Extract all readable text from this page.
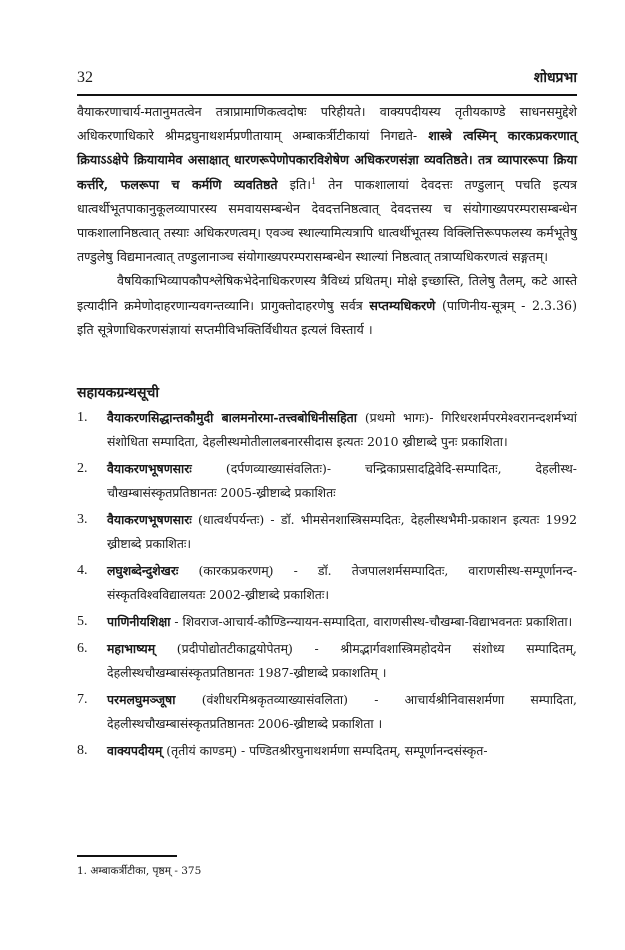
32	शोधप्रभा

वैयाकरणाचार्य-मतानुमतत्वेन तत्राप्रामाणिकत्वदोषः परिहीयते। वाक्यपदीयस्य तृतीयकाण्डे साधनसमुद्देशे अधिकरणाधिकारे श्रीमद्रघुनाथशर्मप्रणीतायाम् अम्बाकर्त्रीटीकायां निगद्यते- शास्त्रे त्वस्मिन् कारकप्रकरणात् क्रियाऽऽक्षेपे क्रियायामेव असाक्षात् धारणरूपेणोपकारविशेषेण अधिकरणसंज्ञा व्यवतिष्ठते। तत्र व्यापाररूपा क्रिया कर्त्तरि, फलरूपा च कर्मणि व्यवतिष्ठते इति।$^1$ तेन पाकशालायां देवदत्तः तण्डुलान् पचति इत्यत्र धात्वर्थीभूतपाकानुकूलव्यापारस्य समवायसम्बन्धेन देवदत्तनिष्ठत्वात् देवदत्तस्य च संयोगाख्यपरम्परासम्बन्धेन पाकशालानिष्ठत्वात् तस्याः अधिकरणत्वम्। एवञ्च स्थाल्यामित्यत्रापि धात्वर्थीभूतस्य विक्लित्तिरूपफलस्य कर्मभूतेषु तण्डुलेषु विद्यमानत्वात् तण्डुलानाञ्च संयोगाख्यपरम्परासम्बन्धेन स्थाल्यां निष्ठत्वात् तत्राप्यधिकरणत्वं सङ्गतम्।

वैषयिकाभिव्यापकौपश्लेषिकभेदेनाधिकरणस्य त्रैविध्यं प्रथितम्। मोक्षे इच्छास्ति, तिलेषु तैलम्, कटे आस्ते इत्यादीनि क्रमेणोदाहरणान्यवगन्तव्यानि। प्रागुक्तोदाहरणेषु सर्वत्र सप्तम्यधिकरणे (पाणिनीय-सूत्रम् - 2.3.36) इति सूत्रेणाधिकरणसंज्ञायां सप्तमीविभक्तिर्विधीयत इत्यलं विस्तार्य ।

सहायकग्रन्थसूची
1. वैयाकरणसिद्धान्तकौमुदी बालमनोरमा-तत्त्वबोधिनीसहिता (प्रथमो भागः)- गिरिधरशर्मपरमेश्वरानन्दशर्मभ्यां संशोधिता सम्पादिता, देहलीस्थमोतीलालबनारसीदास इत्यतः 2010 ख्रीष्टाब्दे पुनः प्रकाशिता।
2. वैयाकरणभूषणसारः (दर्पणव्याख्यासंवलितः)- चन्द्रिकाप्रसादद्विवेदि-सम्पादितः, देहलीस्थ-चौखम्बासंस्कृतप्रतिष्ठानतः 2005-ख्रीष्टाब्दे प्रकाशितः
3. वैयाकरणभूषणसारः (धात्वर्थपर्यन्तः) - डॉ. भीमसेनशास्त्रिसम्पदितः, देहलीस्थभैमी-प्रकाशन इत्यतः 1992 ख्रीष्टाब्दे प्रकाशितः।
4. लघुशब्देन्दुशेखरः (कारकप्रकरणम्) - डॉ. तेजपालशर्मसम्पादितः, वाराणसीस्थ-सम्पूर्णानन्द-संस्कृतविश्वविद्यालयतः 2002-ख्रीष्टाब्दे प्रकाशितः।
5. पाणिनीयशिक्षा - शिवराज-आचार्य-कौण्डिन्न्यायन-सम्पादिता, वाराणसीस्थ-चौखम्बा-विद्याभवनतः प्रकाशिता।
6. महाभाष्यम् (प्रदीपोद्योतटीकाद्वयोपेतम्) - श्रीमद्भार्गवशास्त्रिमहोदयेन संशोध्य सम्पादितम्, देहलीस्थचौखम्बासंस्कृतप्रतिष्ठानतः 1987-ख्रीष्टाब्दे प्रकाशतिम् ।
7. परमलघुमञ्जूषा (वंशीधरमिश्रकृतव्याख्यासंवलिता) - आचार्यश्रीनिवासशर्मणा सम्पादिता, देहलीस्थचौखम्बासंस्कृतप्रतिष्ठानतः 2006-ख्रीष्टाब्दे प्रकाशिता ।
8. वाक्यपदीयम् (तृतीयं काण्डम्) - पण्डितश्रीरघुनाथशर्मणा सम्पदितम्, सम्पूर्णानन्दसंस्कृत-
1. अम्बाकर्त्रीटीका, पृष्ठम् - 375
